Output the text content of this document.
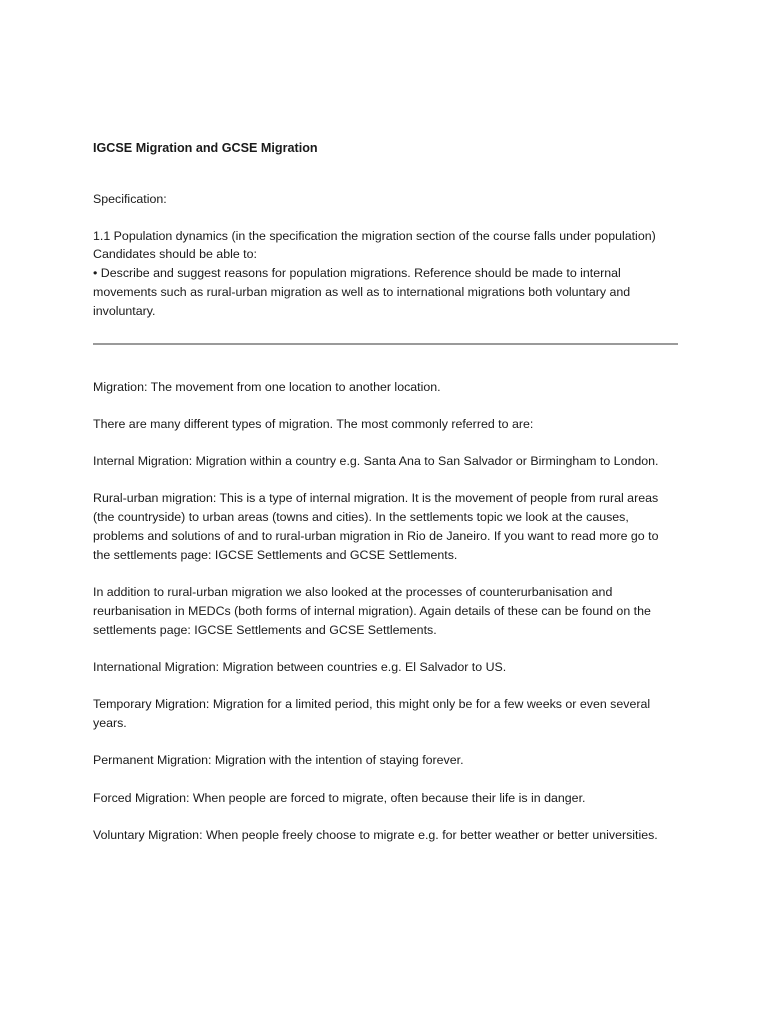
IGCSE Migration and GCSE Migration

Specification:

1.1 Population dynamics (in the specification the migration section of the course falls under population)

Candidates should be able to:

• Describe and suggest reasons for population migrations. Reference should be made to internal movements such as rural-urban migration as well as to international migrations both voluntary and involuntary.

Migration: The movement from one location to another location.

There are many different types of migration. The most commonly referred to are:

Internal Migration: Migration within a country e.g. Santa Ana to San Salvador or Birmingham to London.

Rural-urban migration: This is a type of internal migration. It is the movement of people from rural areas (the countryside) to urban areas (towns and cities). In the settlements topic we look at the causes, problems and solutions of and to rural-urban migration in Rio de Janeiro. If you want to read more go to the settlements page: IGCSE Settlements and GCSE Settlements.

In addition to rural-urban migration we also looked at the processes of counterurbanisation and reurbanisation in MEDCs (both forms of internal migration). Again details of these can be found on the settlements page: IGCSE Settlements and GCSE Settlements.

International Migration: Migration between countries e.g. El Salvador to US.

Temporary Migration: Migration for a limited period, this might only be for a few weeks or even several years.

Permanent Migration: Migration with the intention of staying forever.

Forced Migration: When people are forced to migrate, often because their life is in danger.

Voluntary Migration: When people freely choose to migrate e.g. for better weather or better universities.
